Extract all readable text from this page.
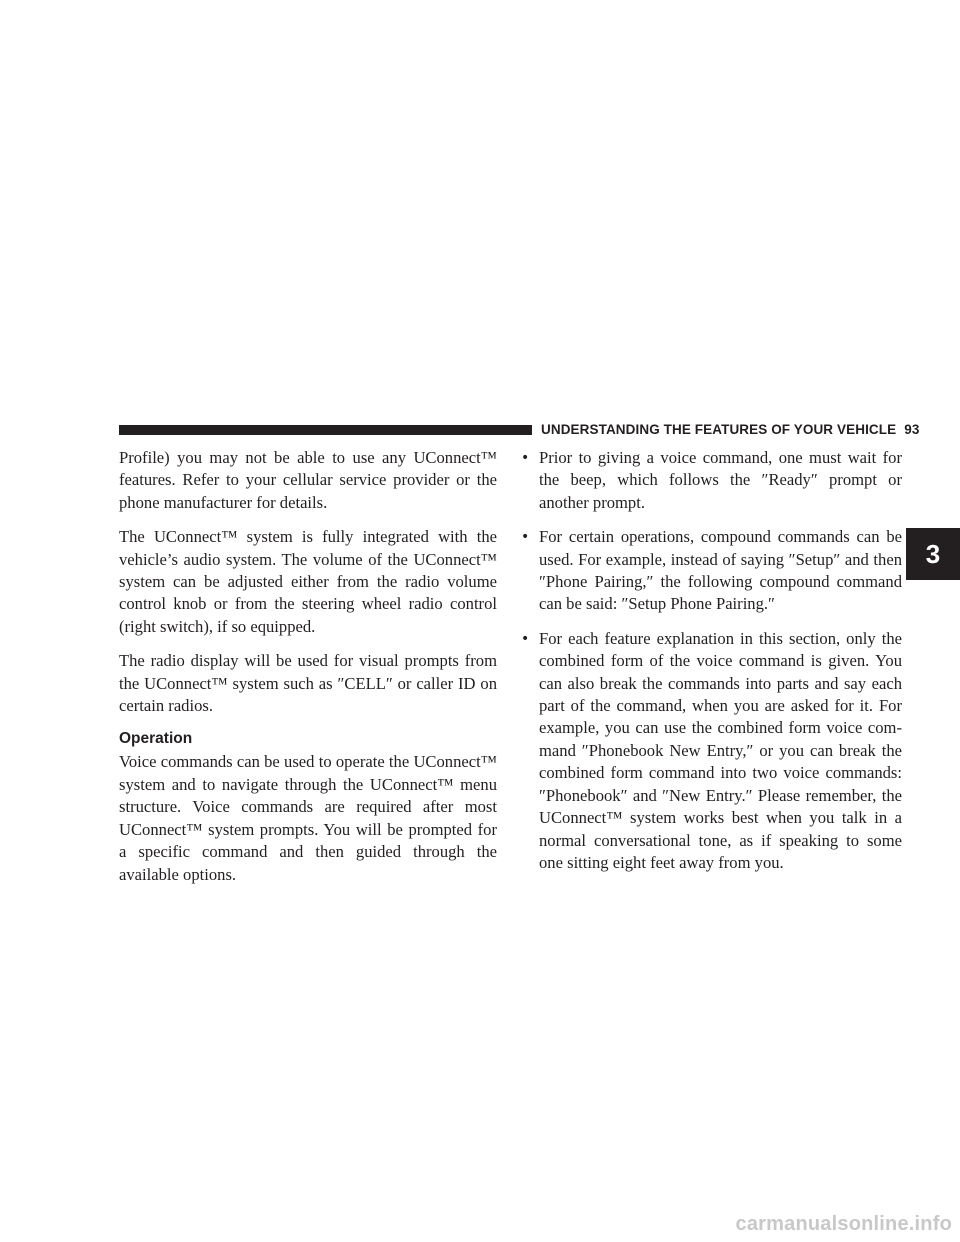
UNDERSTANDING THE FEATURES OF YOUR VEHICLE 93

Profile) you may not be able to use any UConnect™ features. Refer to your cellular service provider or the phone manufacturer for details.

The UConnect™ system is fully integrated with the vehicle’s audio system. The volume of the UConnect™ system can be adjusted either from the radio volume control knob or from the steering wheel radio control (right switch), if so equipped.

The radio display will be used for visual prompts from the UConnect™ system such as ″CELL″ or caller ID on certain radios.

Operation

Voice commands can be used to operate the UConnect™ system and to navigate through the UConnect™ menu structure. Voice commands are required after most UConnect™ system prompts. You will be prompted for a specific command and then guided through the available options.

• Prior to giving a voice command, one must wait for the beep, which follows the ″Ready″ prompt or another prompt.
• For certain operations, compound commands can be used. For example, instead of saying ″Setup″ and then ″Phone Pairing,″ the following compound command can be said: ″Setup Phone Pairing.″
• For each feature explanation in this section, only the combined form of the voice command is given. You can also break the commands into parts and say each part of the command, when you are asked for it. For example, you can use the combined form voice com- mand ″Phonebook New Entry,″ or you can break the combined form command into two voice commands: ″Phonebook″ and ″New Entry.″ Please remember, the UConnect™ system works best when you talk in a normal conversational tone, as if speaking to some one sitting eight feet away from you.
3
carmanualsonline.info
